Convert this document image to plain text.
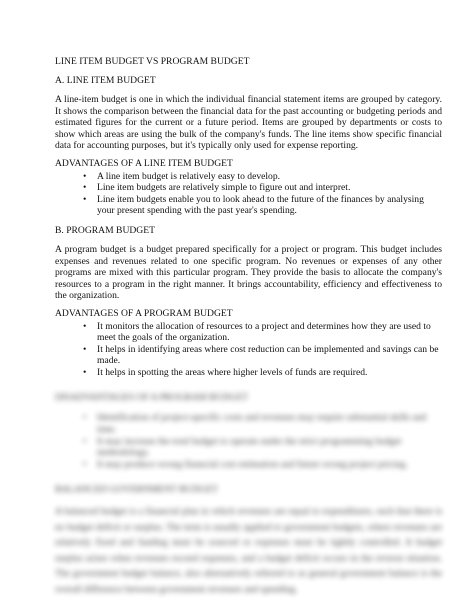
LINE ITEM BUDGET VS PROGRAM BUDGET
A. LINE ITEM BUDGET

A line-item budget is one in which the individual financial statement items are grouped by category. It shows the comparison between the financial data for the past accounting or budgeting periods and estimated figures for the current or a future period. Items are grouped by departments or costs to show which areas are using the bulk of the company's funds. The line items show specific financial data for accounting purposes, but it's typically only used for expense reporting.

ADVANTAGES OF A LINE ITEM BUDGET
• A line item budget is relatively easy to develop.
• Line item budgets are relatively simple to figure out and interpret.
• Line item budgets enable you to look ahead to the future of the finances by analysing your present spending with the past year's spending.
B. PROGRAM BUDGET

A program budget is a budget prepared specifically for a project or program. This budget includes expenses and revenues related to one specific program. No revenues or expenses of any other programs are mixed with this particular program. They provide the basis to allocate the company's resources to a program in the right manner. It brings accountability, efficiency and effectiveness to the organization.

ADVANTAGES OF A PROGRAM BUDGET
• It monitors the allocation of resources to a project and determines how they are used to meet the goals of the organization.
• It helps in identifying areas where cost reduction can be implemented and savings can be made.
• It helps in spotting the areas where higher levels of funds are required.
DISADVANTAGES OF A PROGRAM BUDGET
• Identification of project-specific costs and revenues may require substantial skills and time.
• It may increase the total budget to operate under the strict programming budget methodology.
• It may produce wrong financial cost estimation and future wrong project pricing.
BALANCED GOVERNMENT BUDGET

A balanced budget is a financial plan in which revenues are equal to expenditures, such that there is no budget deficit or surplus. The term is usually applied to government budgets, where revenues are relatively fixed and funding must be sourced or expenses must be tightly controlled. A budget surplus arises when revenues exceed expenses, and a budget deficit occurs in the reverse situation. The government budget balance, also alternatively referred to as general government balance is the overall difference between government revenues and spending.
